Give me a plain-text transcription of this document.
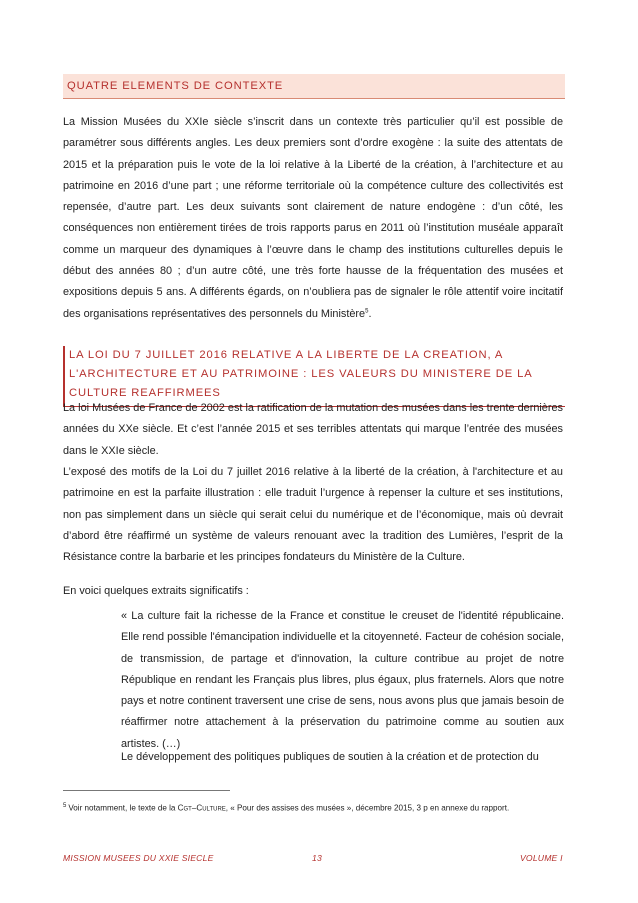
QUATRE ELEMENTS DE CONTEXTE

La Mission Musées du XXIe siècle s’inscrit dans un contexte très particulier qu’il est possible de paramétrer sous différents angles. Les deux premiers sont d’ordre exogène : la suite des attentats de 2015 et la préparation puis le vote de la loi relative à la Liberté de la création, à l’architecture et au patrimoine en 2016 d’une part ; une réforme territoriale où la compétence culture des collectivités est repensée, d’autre part. Les deux suivants sont clairement de nature endogène : d’un côté, les conséquences non entièrement tirées de trois rapports parus en 2011 où l’institution muséale apparaît comme un marqueur des dynamiques à l’œuvre dans le champ des institutions culturelles depuis le début des années 80 ; d’un autre côté, une très forte hausse de la fréquentation des musées et expositions depuis 5 ans. A différents égards, on n’oubliera pas de signaler le rôle attentif voire incitatif des organisations représentatives des personnels du Ministère$^5$.

LA LOI DU 7 JUILLET 2016 RELATIVE A LA LIBERTE DE LA CREATION, A L'ARCHITECTURE ET AU PATRIMOINE : LES VALEURS DU MINISTERE DE LA CULTURE REAFFIRMEES

La loi Musées de France de 2002 est la ratification de la mutation des musées dans les trente dernières années du XXe siècle. Et c’est l’année 2015 et ses terribles attentats qui marque l’entrée des musées dans le XXIe siècle.

L’exposé des motifs de la Loi du 7 juillet 2016 relative à la liberté de la création, à l'architecture et au patrimoine en est la parfaite illustration : elle traduit l’urgence à repenser la culture et ses institutions, non pas simplement dans un siècle qui serait celui du numérique et de l’économique, mais où devrait d’abord être réaffirmé un système de valeurs renouant avec la tradition des Lumières, l’esprit de la Résistance contre la barbarie et les principes fondateurs du Ministère de la Culture.

En voici quelques extraits significatifs :

« La culture fait la richesse de la France et constitue le creuset de l'identité républicaine. Elle rend possible l'émancipation individuelle et la citoyenneté. Facteur de cohésion sociale, de transmission, de partage et d'innovation, la culture contribue au projet de notre République en rendant les Français plus libres, plus égaux, plus fraternels. Alors que notre pays et notre continent traversent une crise de sens, nous avons plus que jamais besoin de réaffirmer notre attachement à la préservation du patrimoine comme au soutien aux artistes. (…)

Le développement des politiques publiques de soutien à la création et de protection du

$^5$ Voir notamment, le texte de la Cgt–Culture, « Pour des assises des musées », décembre 2015, 3 p en annexe du rapport.
MISSION MUSEES DU XXIE SIECLE	13	VOLUME I
